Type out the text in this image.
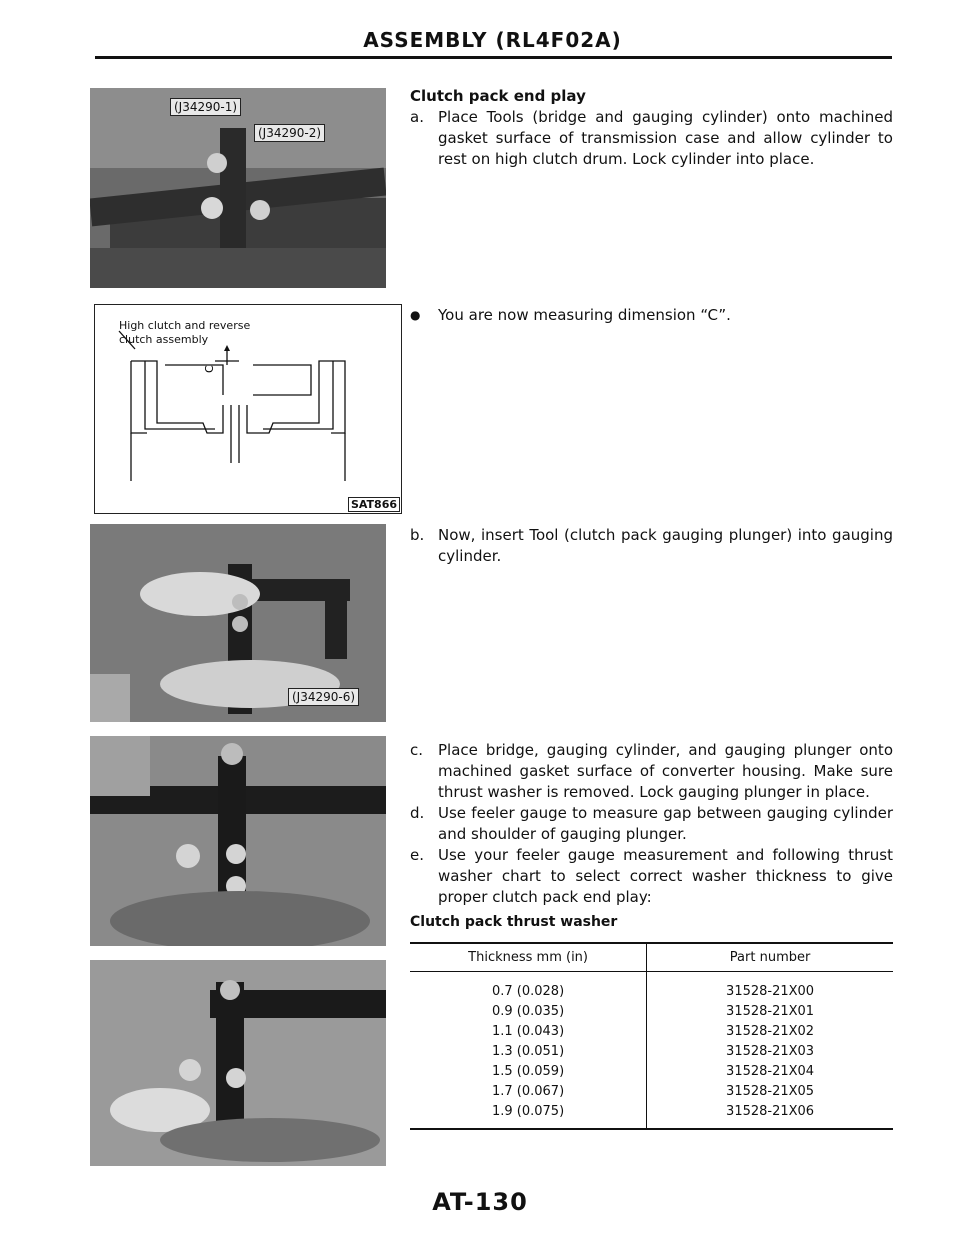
ASSEMBLY (RL4F02A)
(J34290-1)
(J34290-2)
High clutch and reverse
clutch assembly
C
SAT866
(J34290-6)
Clutch pack end play
a. Place Tools (bridge and gauging cylinder) onto machined gasket surface of transmission case and allow cylinder to rest on high clutch drum. Lock cylinder into place.
● You are now measuring dimension “C”.
b. Now, insert Tool (clutch pack gauging plunger) into gauging cylinder.
c. Place bridge, gauging cylinder, and gauging plunger onto machined gasket surface of converter housing. Make sure thrust washer is removed. Lock gauging plunger in place.
d. Use feeler gauge to measure gap between gauging cylinder and shoulder of gauging plunger.
e. Use your feeler gauge measurement and following thrust washer chart to select correct washer thickness to give proper clutch pack end play:
Clutch pack thrust washer
Thickness mm (in)	Part number
0.7 (0.028)	31528-21X00
0.9 (0.035)	31528-21X01
1.1 (0.043)	31528-21X02
1.3 (0.051)	31528-21X03
1.5 (0.059)	31528-21X04
1.7 (0.067)	31528-21X05
1.9 (0.075)	31528-21X06
AT-130
